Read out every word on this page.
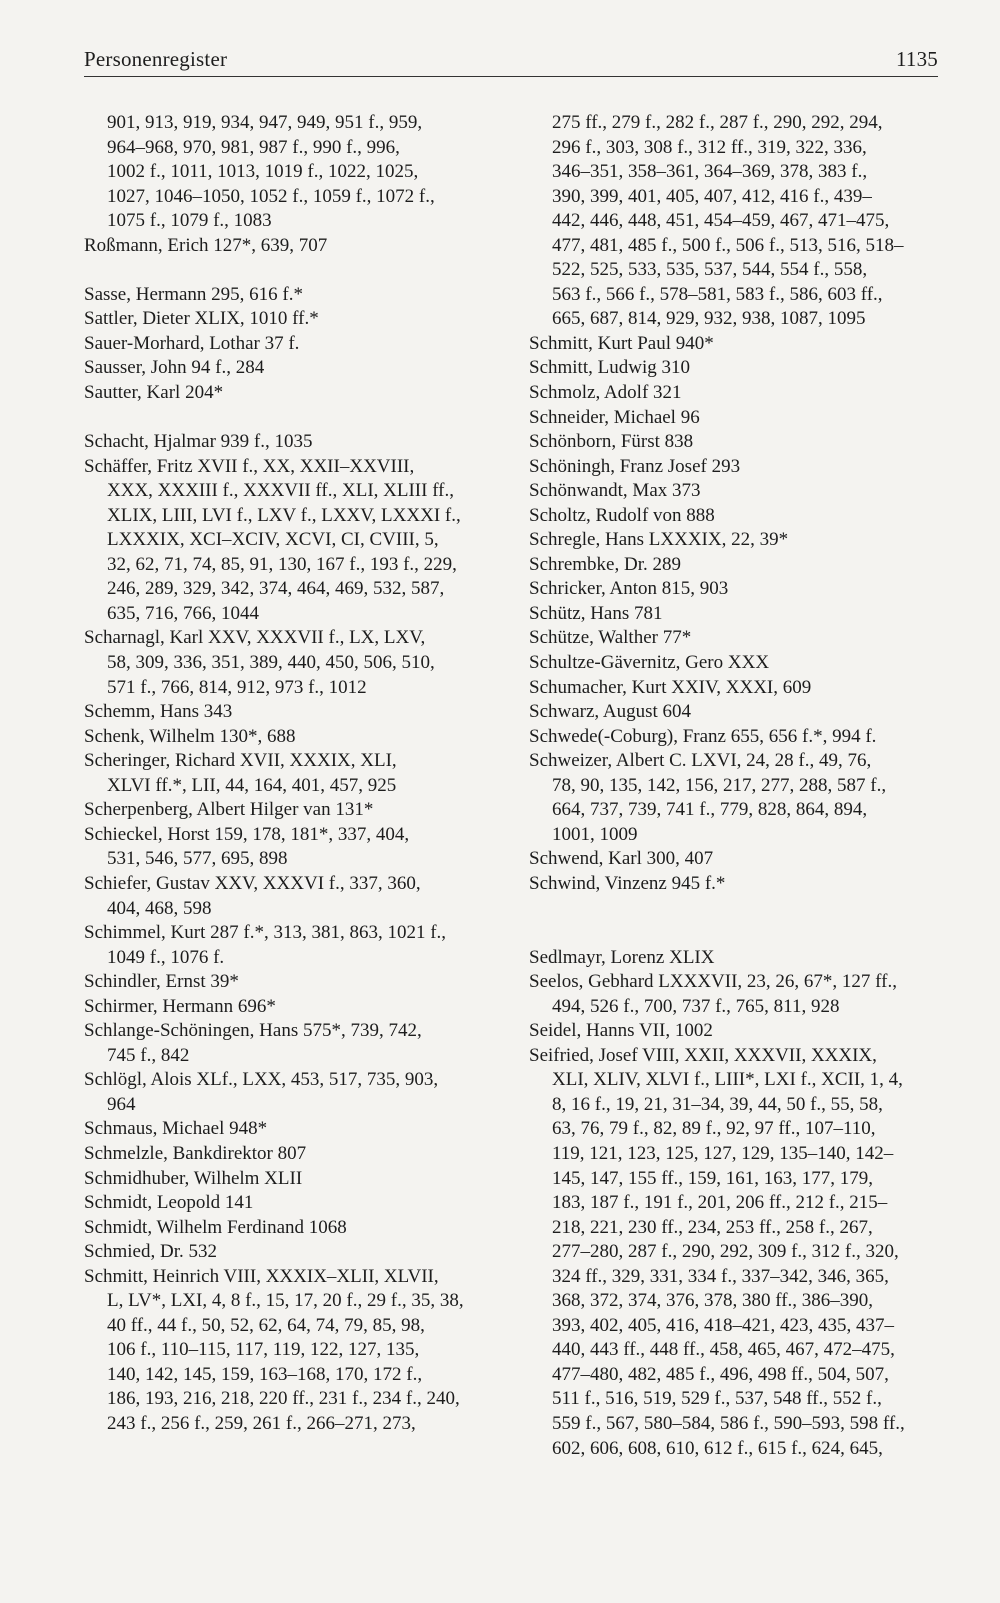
Personenregister	1135
901, 913, 919, 934, 947, 949, 951 f., 959,
964–968, 970, 981, 987 f., 990 f., 996,
1002 f., 1011, 1013, 1019 f., 1022, 1025,
1027, 1046–1050, 1052 f., 1059 f., 1072 f.,
1075 f., 1079 f., 1083
Roßmann, Erich 127*, 639, 707
Sasse, Hermann 295, 616 f.*
Sattler, Dieter XLIX, 1010 ff.*
Sauer-Morhard, Lothar 37 f.
Sausser, John 94 f., 284
Sautter, Karl 204*
Schacht, Hjalmar 939 f., 1035
Schäffer, Fritz XVII f., XX, XXII–XXVIII,
XXX, XXXIII f., XXXVII ff., XLI, XLIII ff.,
XLIX, LIII, LVI f., LXV f., LXXV, LXXXI f.,
LXXXIX, XCI–XCIV, XCVI, CI, CVIII, 5,
32, 62, 71, 74, 85, 91, 130, 167 f., 193 f., 229,
246, 289, 329, 342, 374, 464, 469, 532, 587,
635, 716, 766, 1044
Scharnagl, Karl XXV, XXXVII f., LX, LXV,
58, 309, 336, 351, 389, 440, 450, 506, 510,
571 f., 766, 814, 912, 973 f., 1012
Schemm, Hans 343
Schenk, Wilhelm 130*, 688
Scheringer, Richard XVII, XXXIX, XLI,
XLVI ff.*, LII, 44, 164, 401, 457, 925
Scherpenberg, Albert Hilger van 131*
Schieckel, Horst 159, 178, 181*, 337, 404,
531, 546, 577, 695, 898
Schiefer, Gustav XXV, XXXVI f., 337, 360,
404, 468, 598
Schimmel, Kurt 287 f.*, 313, 381, 863, 1021 f.,
1049 f., 1076 f.
Schindler, Ernst 39*
Schirmer, Hermann 696*
Schlange-Schöningen, Hans 575*, 739, 742,
745 f., 842
Schlögl, Alois XLf., LXX, 453, 517, 735, 903,
964
Schmaus, Michael 948*
Schmelzle, Bankdirektor 807
Schmidhuber, Wilhelm XLII
Schmidt, Leopold 141
Schmidt, Wilhelm Ferdinand 1068
Schmied, Dr. 532
Schmitt, Heinrich VIII, XXXIX–XLII, XLVII,
L, LV*, LXI, 4, 8 f., 15, 17, 20 f., 29 f., 35, 38,
40 ff., 44 f., 50, 52, 62, 64, 74, 79, 85, 98,
106 f., 110–115, 117, 119, 122, 127, 135,
140, 142, 145, 159, 163–168, 170, 172 f.,
186, 193, 216, 218, 220 ff., 231 f., 234 f., 240,
243 f., 256 f., 259, 261 f., 266–271, 273,
275 ff., 279 f., 282 f., 287 f., 290, 292, 294,
296 f., 303, 308 f., 312 ff., 319, 322, 336,
346–351, 358–361, 364–369, 378, 383 f.,
390, 399, 401, 405, 407, 412, 416 f., 439–
442, 446, 448, 451, 454–459, 467, 471–475,
477, 481, 485 f., 500 f., 506 f., 513, 516, 518–
522, 525, 533, 535, 537, 544, 554 f., 558,
563 f., 566 f., 578–581, 583 f., 586, 603 ff.,
665, 687, 814, 929, 932, 938, 1087, 1095
Schmitt, Kurt Paul 940*
Schmitt, Ludwig 310
Schmolz, Adolf 321
Schneider, Michael 96
Schönborn, Fürst 838
Schöningh, Franz Josef 293
Schönwandt, Max 373
Scholtz, Rudolf von 888
Schregle, Hans LXXXIX, 22, 39*
Schrembke, Dr. 289
Schricker, Anton 815, 903
Schütz, Hans 781
Schütze, Walther 77*
Schultze-Gävernitz, Gero XXX
Schumacher, Kurt XXIV, XXXI, 609
Schwarz, August 604
Schwede(-Coburg), Franz 655, 656 f.*, 994 f.
Schweizer, Albert C. LXVI, 24, 28 f., 49, 76,
78, 90, 135, 142, 156, 217, 277, 288, 587 f.,
664, 737, 739, 741 f., 779, 828, 864, 894,
1001, 1009
Schwend, Karl 300, 407
Schwind, Vinzenz 945 f.*
Sedlmayr, Lorenz XLIX
Seelos, Gebhard LXXXVII, 23, 26, 67*, 127 ff.,
494, 526 f., 700, 737 f., 765, 811, 928
Seidel, Hanns VII, 1002
Seifried, Josef VIII, XXII, XXXVII, XXXIX,
XLI, XLIV, XLVI f., LIII*, LXI f., XCII, 1, 4,
8, 16 f., 19, 21, 31–34, 39, 44, 50 f., 55, 58,
63, 76, 79 f., 82, 89 f., 92, 97 ff., 107–110,
119, 121, 123, 125, 127, 129, 135–140, 142–
145, 147, 155 ff., 159, 161, 163, 177, 179,
183, 187 f., 191 f., 201, 206 ff., 212 f., 215–
218, 221, 230 ff., 234, 253 ff., 258 f., 267,
277–280, 287 f., 290, 292, 309 f., 312 f., 320,
324 ff., 329, 331, 334 f., 337–342, 346, 365,
368, 372, 374, 376, 378, 380 ff., 386–390,
393, 402, 405, 416, 418–421, 423, 435, 437–
440, 443 ff., 448 ff., 458, 465, 467, 472–475,
477–480, 482, 485 f., 496, 498 ff., 504, 507,
511 f., 516, 519, 529 f., 537, 548 ff., 552 f.,
559 f., 567, 580–584, 586 f., 590–593, 598 ff.,
602, 606, 608, 610, 612 f., 615 f., 624, 645,
